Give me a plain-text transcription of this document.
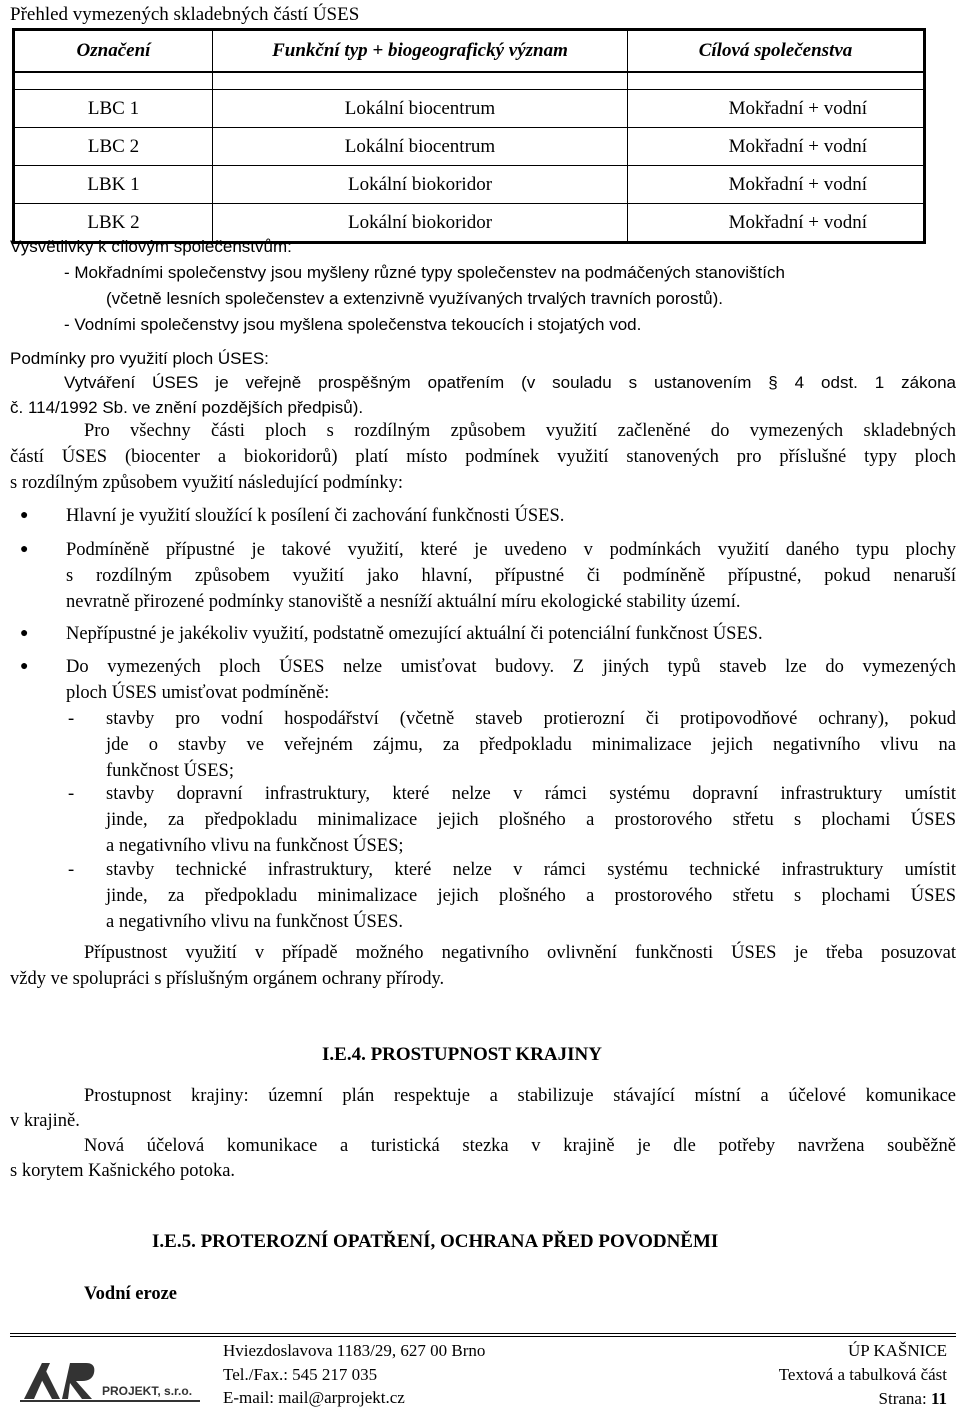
Přehled vymezených skladebných částí ÚSES
Označení	Funkční typ + biogeografický význam	Cílová společenstva

LBC 1	Lokální biocentrum	Mokřadní + vodní
LBC 2	Lokální biocentrum	Mokřadní + vodní
LBK 1	Lokální biokoridor	Mokřadní + vodní
LBK 2	Lokální biokoridor	Mokřadní + vodní
Vysvětlivky k cílovým společenstvům:
- Mokřadními společenstvy jsou myšleny různé typy společenstev na podmáčených stanovištích
(včetně lesních společenstev a extenzivně využívaných trvalých travních porostů).
- Vodními společenstvy jsou myšlena společenstva tekoucích i stojatých vod.
Podmínky pro využití ploch ÚSES:
Vytváření ÚSES je veřejně prospěšným opatřením (v souladu s ustanovením § 4 odst. 1 zákona
č. 114/1992 Sb. ve znění pozdějších předpisů).
Pro všechny části ploch s rozdílným způsobem využití začleněné do vymezených skladebných
částí ÚSES (biocenter a biokoridorů) platí místo podmínek využití stanovených pro příslušné typy ploch
s rozdílným způsobem využití následující podmínky:
● Hlavní je využití sloužící k posílení či zachování funkčnosti ÚSES.
● Podmíněně přípustné je takové využití, které je uvedeno v podmínkách využití daného typu plochy
s rozdílným způsobem využití jako hlavní, přípustné či podmíněně přípustné, pokud nenaruší
nevratně přirozené podmínky stanoviště a nesníží aktuální míru ekologické stability území.
● Nepřípustné je jakékoliv využití, podstatně omezující aktuální či potenciální funkčnost ÚSES.
● Do vymezených ploch ÚSES nelze umisťovat budovy. Z jiných typů staveb lze do vymezených
ploch ÚSES umisťovat podmíněně:
- stavby pro vodní hospodářství (včetně staveb protierozní či protipovodňové ochrany), pokud
jde o stavby ve veřejném zájmu, za předpokladu minimalizace jejich negativního vlivu na
funkčnost ÚSES;
- stavby dopravní infrastruktury, které nelze v rámci systému dopravní infrastruktury umístit
jinde, za předpokladu minimalizace jejich plošného a prostorového střetu s plochami ÚSES
a negativního vlivu na funkčnost ÚSES;
- stavby technické infrastruktury, které nelze v rámci systému technické infrastruktury umístit
jinde, za předpokladu minimalizace jejich plošného a prostorového střetu s plochami ÚSES
a negativního vlivu na funkčnost ÚSES.
Přípustnost využití v případě možného negativního ovlivnění funkčnosti ÚSES je třeba posuzovat
vždy ve spolupráci s příslušným orgánem ochrany přírody.
I.E.4. PROSTUPNOST KRAJINY
Prostupnost krajiny: územní plán respektuje a stabilizuje stávající místní a účelové komunikace
v krajině.
Nová účelová komunikace a turistická stezka v krajině je dle potřeby navržena souběžně
s korytem Kašnického potoka.
I.E.5. PROTEROZNÍ OPATŘENÍ, OCHRANA PŘED POVODNĚMI
Vodní eroze
PROJEKT, s.r.o.
Hviezdoslavova 1183/29, 627 00 Brno
Tel./Fax.: 545 217 035
E-mail: mail@arprojekt.cz
ÚP KAŠNICE
Textová a tabulková část
Strana: 11
